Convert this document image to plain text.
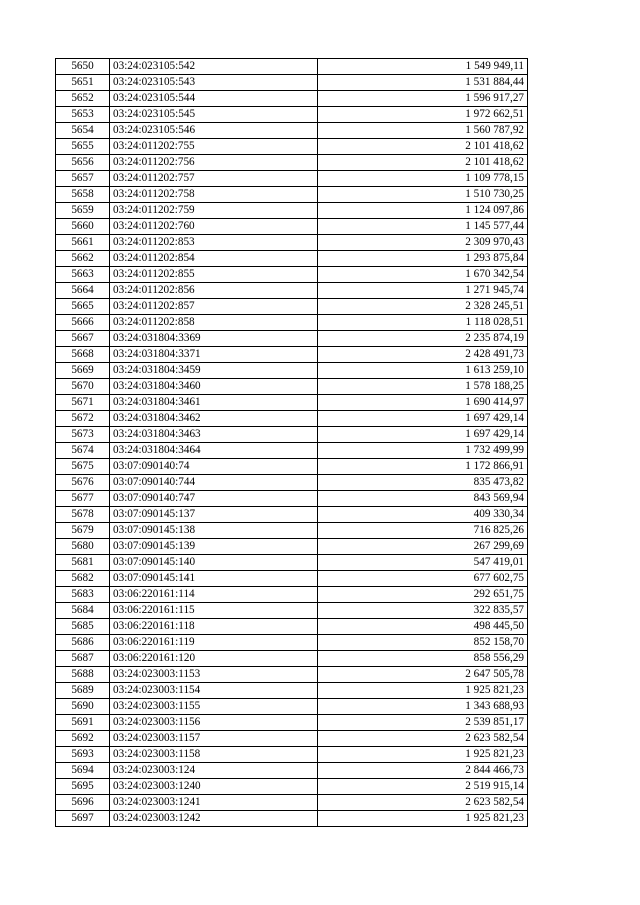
5650	03:24:023105:542	1 549 949,11
5651	03:24:023105:543	1 531 884,44
5652	03:24:023105:544	1 596 917,27
5653	03:24:023105:545	1 972 662,51
5654	03:24:023105:546	1 560 787,92
5655	03:24:011202:755	2 101 418,62
5656	03:24:011202:756	2 101 418,62
5657	03:24:011202:757	1 109 778,15
5658	03:24:011202:758	1 510 730,25
5659	03:24:011202:759	1 124 097,86
5660	03:24:011202:760	1 145 577,44
5661	03:24:011202:853	2 309 970,43
5662	03:24:011202:854	1 293 875,84
5663	03:24:011202:855	1 670 342,54
5664	03:24:011202:856	1 271 945,74
5665	03:24:011202:857	2 328 245,51
5666	03:24:011202:858	1 118 028,51
5667	03:24:031804:3369	2 235 874,19
5668	03:24:031804:3371	2 428 491,73
5669	03:24:031804:3459	1 613 259,10
5670	03:24:031804:3460	1 578 188,25
5671	03:24:031804:3461	1 690 414,97
5672	03:24:031804:3462	1 697 429,14
5673	03:24:031804:3463	1 697 429,14
5674	03:24:031804:3464	1 732 499,99
5675	03:07:090140:74	1 172 866,91
5676	03:07:090140:744	835 473,82
5677	03:07:090140:747	843 569,94
5678	03:07:090145:137	409 330,34
5679	03:07:090145:138	716 825,26
5680	03:07:090145:139	267 299,69
5681	03:07:090145:140	547 419,01
5682	03:07:090145:141	677 602,75
5683	03:06:220161:114	292 651,75
5684	03:06:220161:115	322 835,57
5685	03:06:220161:118	498 445,50
5686	03:06:220161:119	852 158,70
5687	03:06:220161:120	858 556,29
5688	03:24:023003:1153	2 647 505,78
5689	03:24:023003:1154	1 925 821,23
5690	03:24:023003:1155	1 343 688,93
5691	03:24:023003:1156	2 539 851,17
5692	03:24:023003:1157	2 623 582,54
5693	03:24:023003:1158	1 925 821,23
5694	03:24:023003:124	2 844 466,73
5695	03:24:023003:1240	2 519 915,14
5696	03:24:023003:1241	2 623 582,54
5697	03:24:023003:1242	1 925 821,23
